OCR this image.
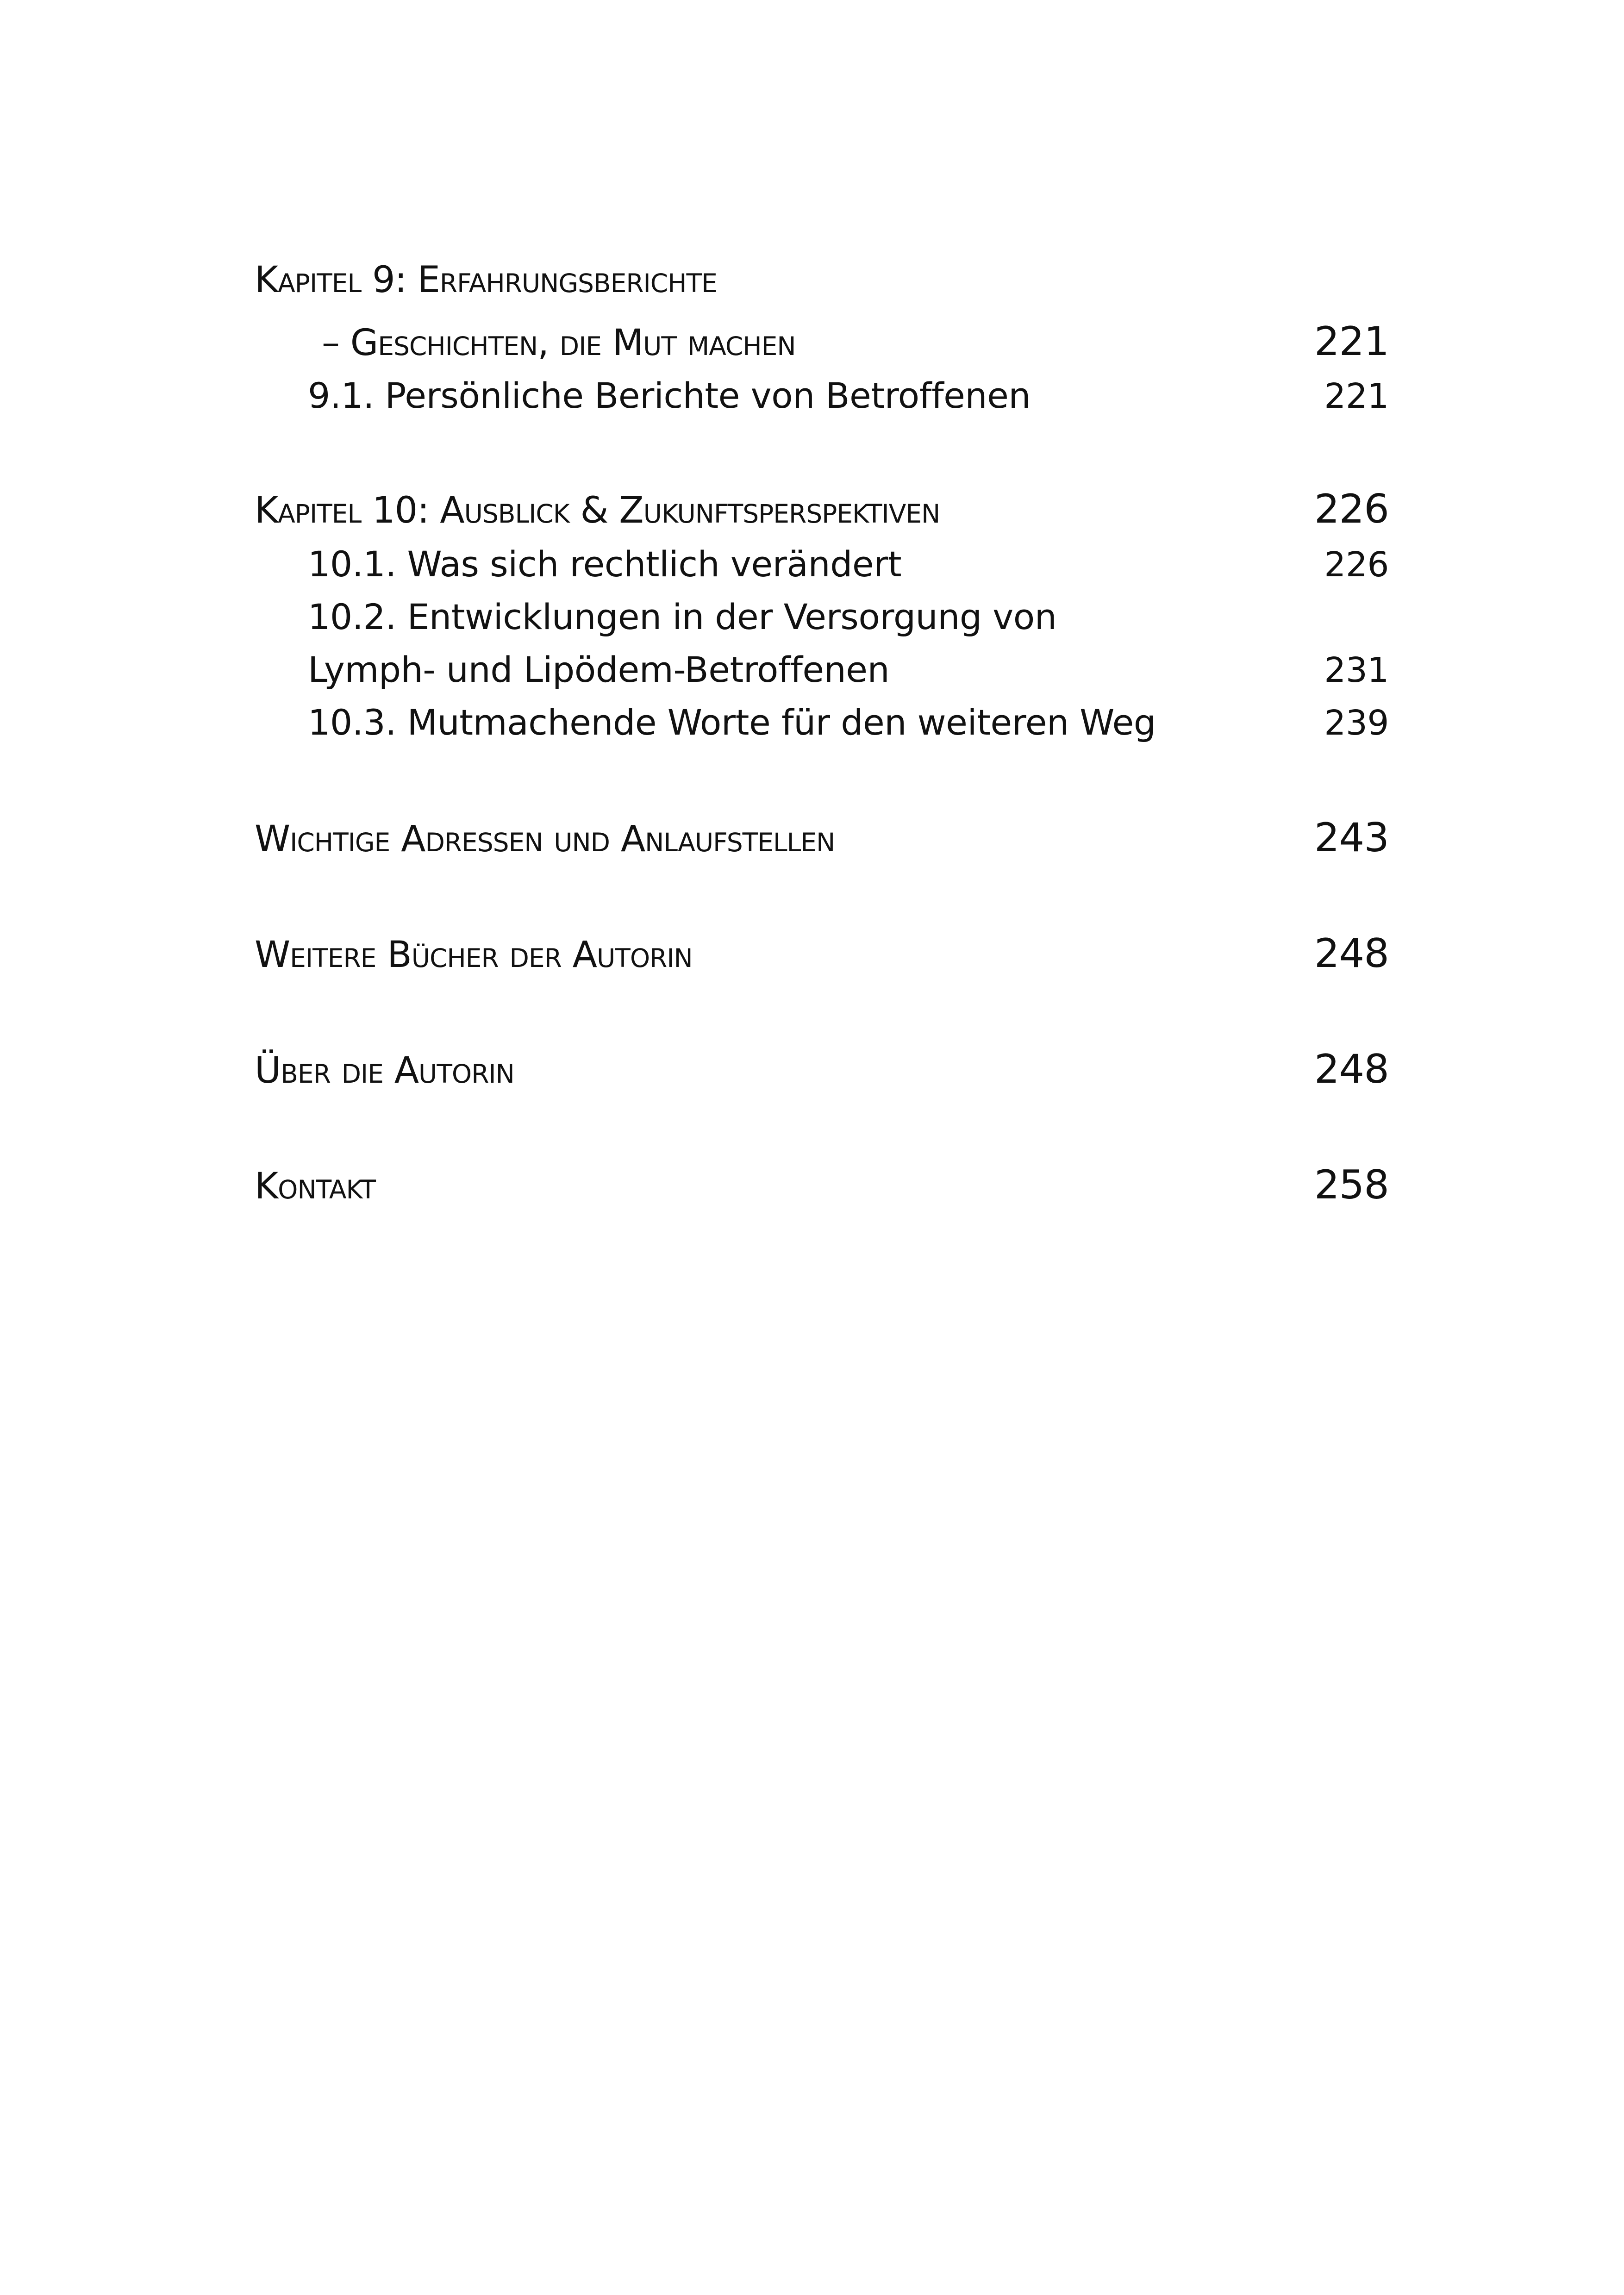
Kapitel 9: Erfahrungsberichte
– Geschichten, die Mut machen	221
9.1. Persönliche Berichte von Betroffenen	221
Kapitel 10: Ausblick & Zukunftsperspektiven	226
10.1. Was sich rechtlich verändert	226
10.2. Entwicklungen in der Versorgung von
Lymph- und Lipödem-Betroffenen	231
10.3. Mutmachende Worte für den weiteren Weg	239
Wichtige Adressen und Anlaufstellen	243
Weitere Bücher der Autorin	248
Über die Autorin	248
Kontakt	258
